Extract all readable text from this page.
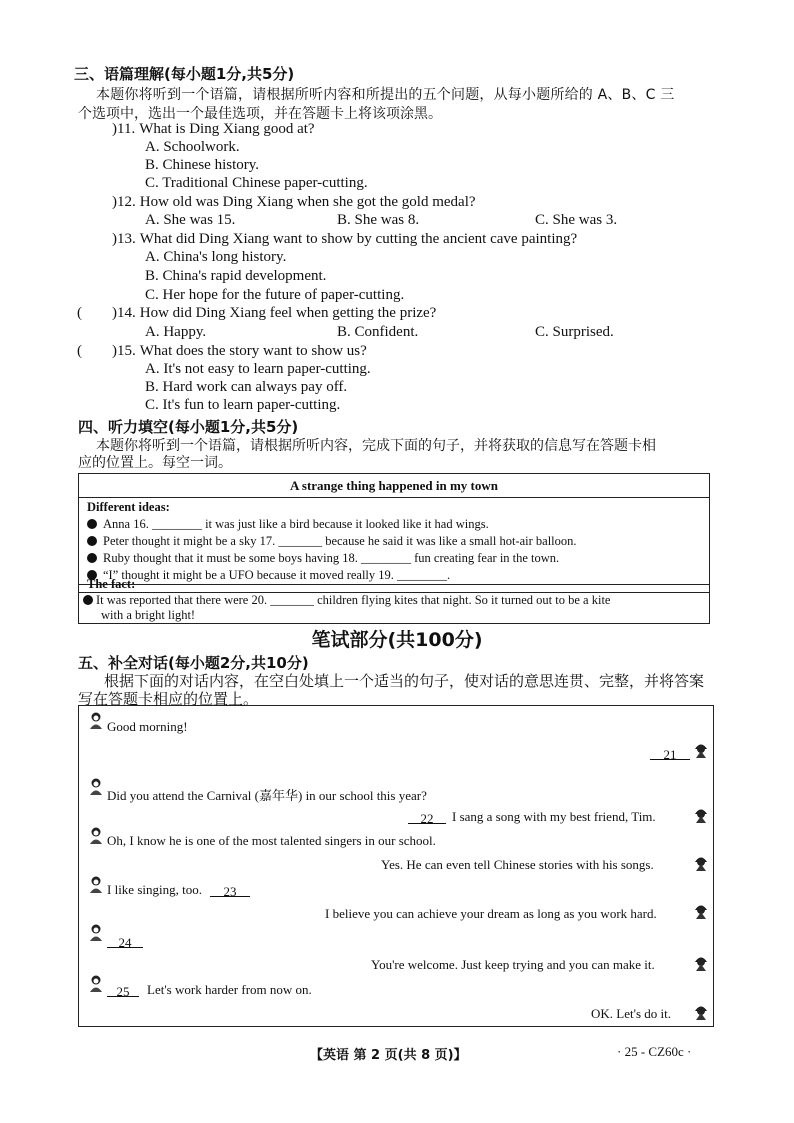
三、语篇理解(每小题1分,共5分)
本题你将听到一个语篇，请根据所听内容和所提出的五个问题，从每小题所给的 A、B、C 三
个选项中，选出一个最佳选项，并在答题卡上将该项涂黑。
)11. What is Ding Xiang good at?
A. Schoolwork.
B. Chinese history.
C. Traditional Chinese paper-cutting.
)12. How old was Ding Xiang when she got the gold medal?
A. She was 15.	B. She was 8.	C. She was 3.
)13. What did Ding Xiang want to show by cutting the ancient cave painting?
A. China's long history.
B. China's rapid development.
C. Her hope for the future of paper-cutting.
( )14. How did Ding Xiang feel when getting the prize?
A. Happy.	B. Confident.	C. Surprised.
( )15. What does the story want to show us?
A. It's not easy to learn paper-cutting.
B. Hard work can always pay off.
C. It's fun to learn paper-cutting.
四、听力填空(每小题1分,共5分)
本题你将听到一个语篇，请根据所听内容，完成下面的句子，并将获取的信息写在答题卡相
应的位置上。每空一词。
A strange thing happened in my town
Different ideas:
Anna 16. ________ it was just like a bird because it looked like it had wings.
Peter thought it might be a sky 17. _______ because he said it was like a small hot-air balloon.
Ruby thought that it must be some boys having 18. ________ fun creating fear in the town.
“I” thought it might be a UFO because it moved really 19. ________.
The fact:
It was reported that there were 20. _______ children flying kites that night. So it turned out to be a kite
with a bright light!
笔试部分(共100分)
五、补全对话(每小题2分,共10分)
根据下面的对话内容，在空白处填上一个适当的句子，使对话的意思连贯、完整，并将答案
写在答题卡相应的位置上。
Good morning!
21
Did you attend the Carnival (嘉年华) in our school this year?
22 I sang a song with my best friend, Tim.
Oh, I know he is one of the most talented singers in our school.
Yes. He can even tell Chinese stories with his songs.
I like singing, too. 23
I believe you can achieve your dream as long as you work hard.
24
You're welcome. Just keep trying and you can make it.
25 Let's work harder from now on.
OK. Let's do it.
【英语 第 2 页(共 8 页)】	· 25 - CZ60c ·
